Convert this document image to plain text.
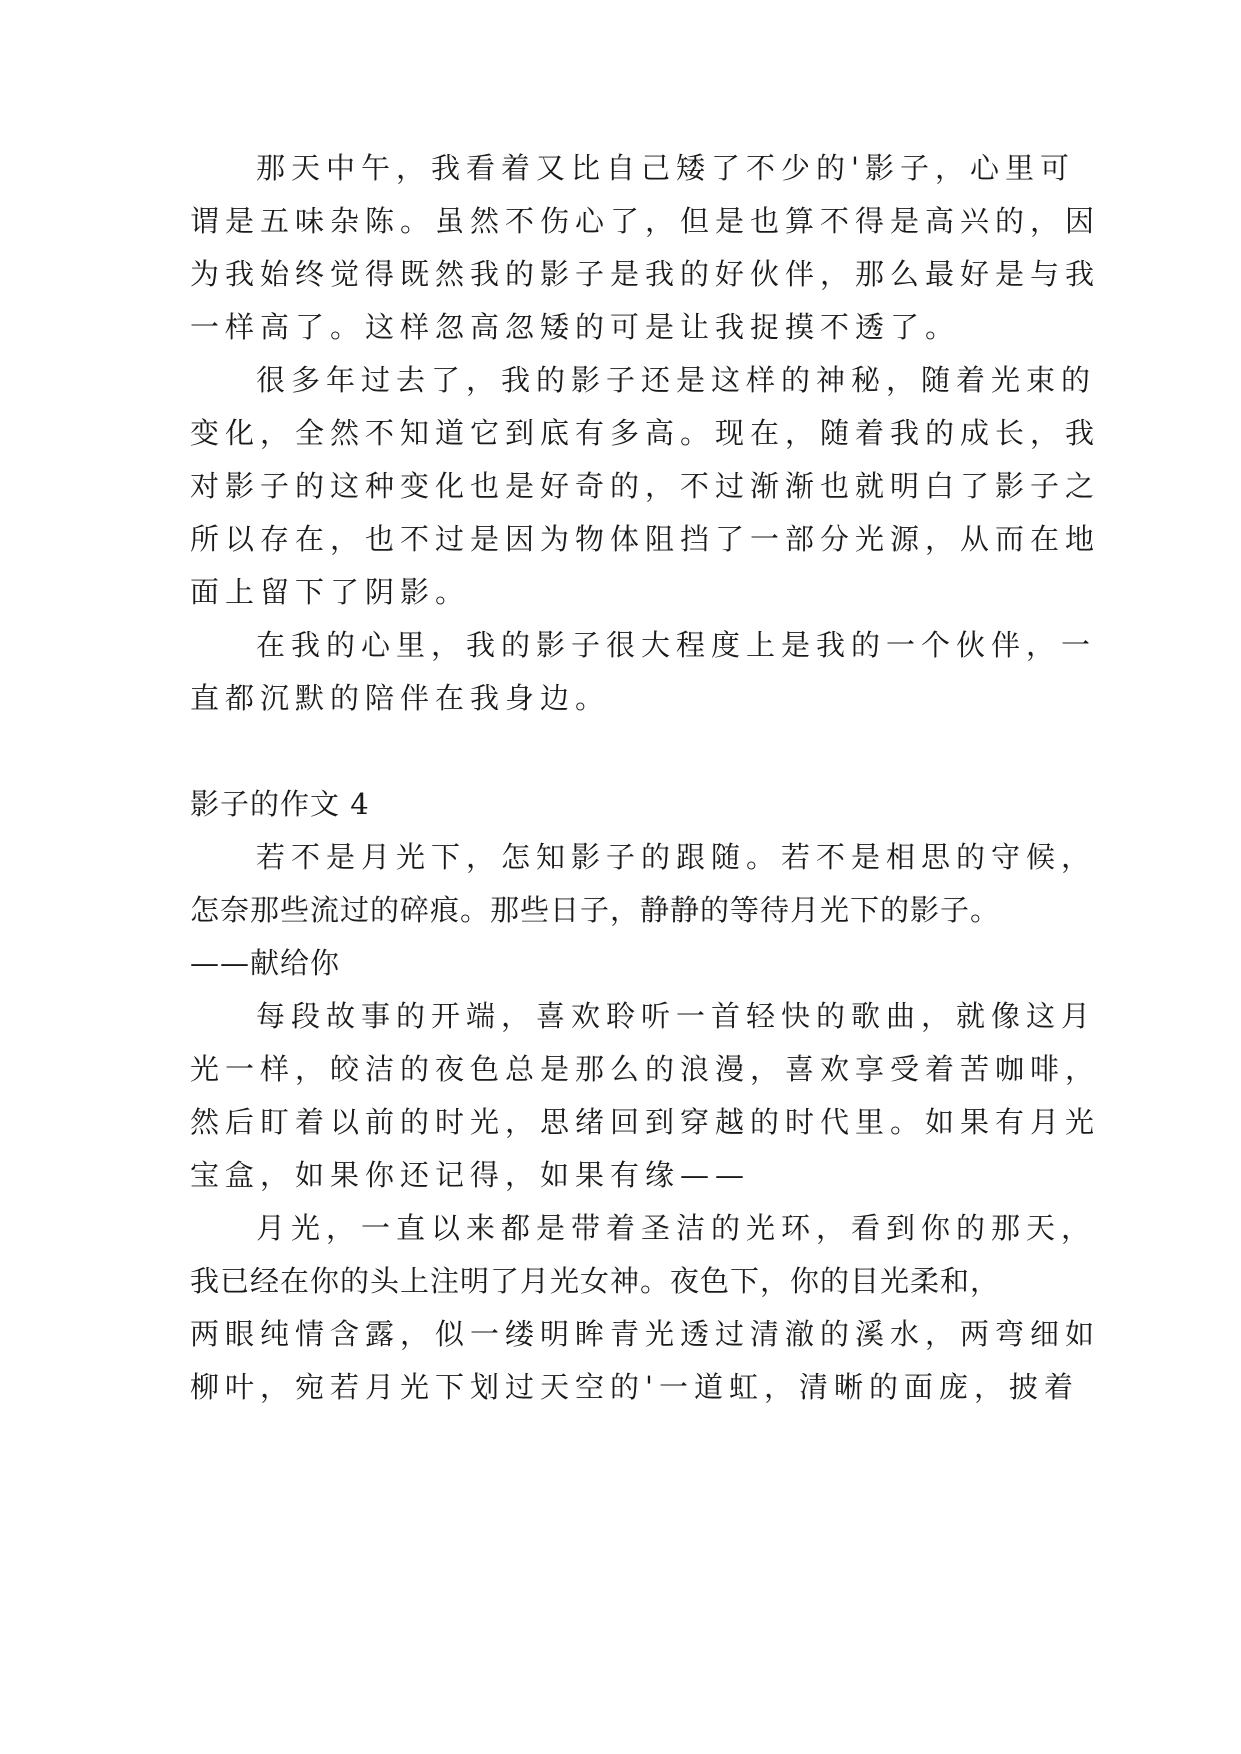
那天中午，我看着又比自己矮了不少的'影子，心里可
谓是五味杂陈。虽然不伤心了，但是也算不得是高兴的，因
为我始终觉得既然我的影子是我的好伙伴，那么最好是与我
一样高了。这样忽高忽矮的可是让我捉摸不透了。
很多年过去了，我的影子还是这样的神秘，随着光束的
变化，全然不知道它到底有多高。现在，随着我的成长，我
对影子的这种变化也是好奇的，不过渐渐也就明白了影子之
所以存在，也不过是因为物体阻挡了一部分光源，从而在地
面上留下了阴影。
在我的心里，我的影子很大程度上是我的一个伙伴，一
直都沉默的陪伴在我身边。
影子的作文 4
若不是月光下，怎知影子的跟随。若不是相思的守候，
怎奈那些流过的碎痕。那些日子，静静的等待月光下的影子。
——献给你
每段故事的开端，喜欢聆听一首轻快的歌曲，就像这月
光一样，皎洁的夜色总是那么的浪漫，喜欢享受着苦咖啡，
然后盯着以前的时光，思绪回到穿越的时代里。如果有月光
宝盒，如果你还记得，如果有缘——
月光，一直以来都是带着圣洁的光环，看到你的那天，
我已经在你的头上注明了月光女神。夜色下，你的目光柔和，
两眼纯情含露，似一缕明眸青光透过清澈的溪水，两弯细如
柳叶，宛若月光下划过天空的'一道虹，清晰的面庞，披着
